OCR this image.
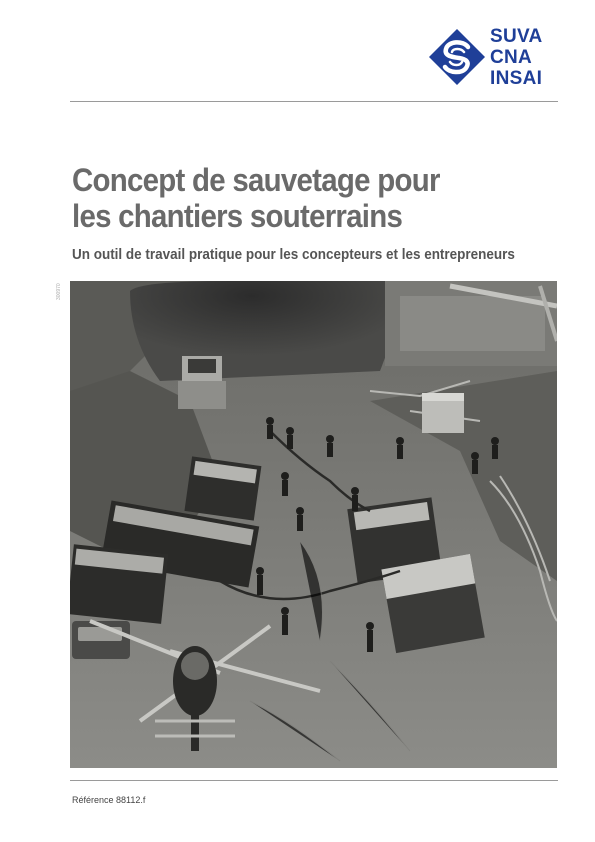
SUVA
CNA
INSAI
Concept de sauvetage pour
les chantiers souterrains
Un outil de travail pratique pour les concepteurs et les entrepreneurs
300970
Référence 88112.f
